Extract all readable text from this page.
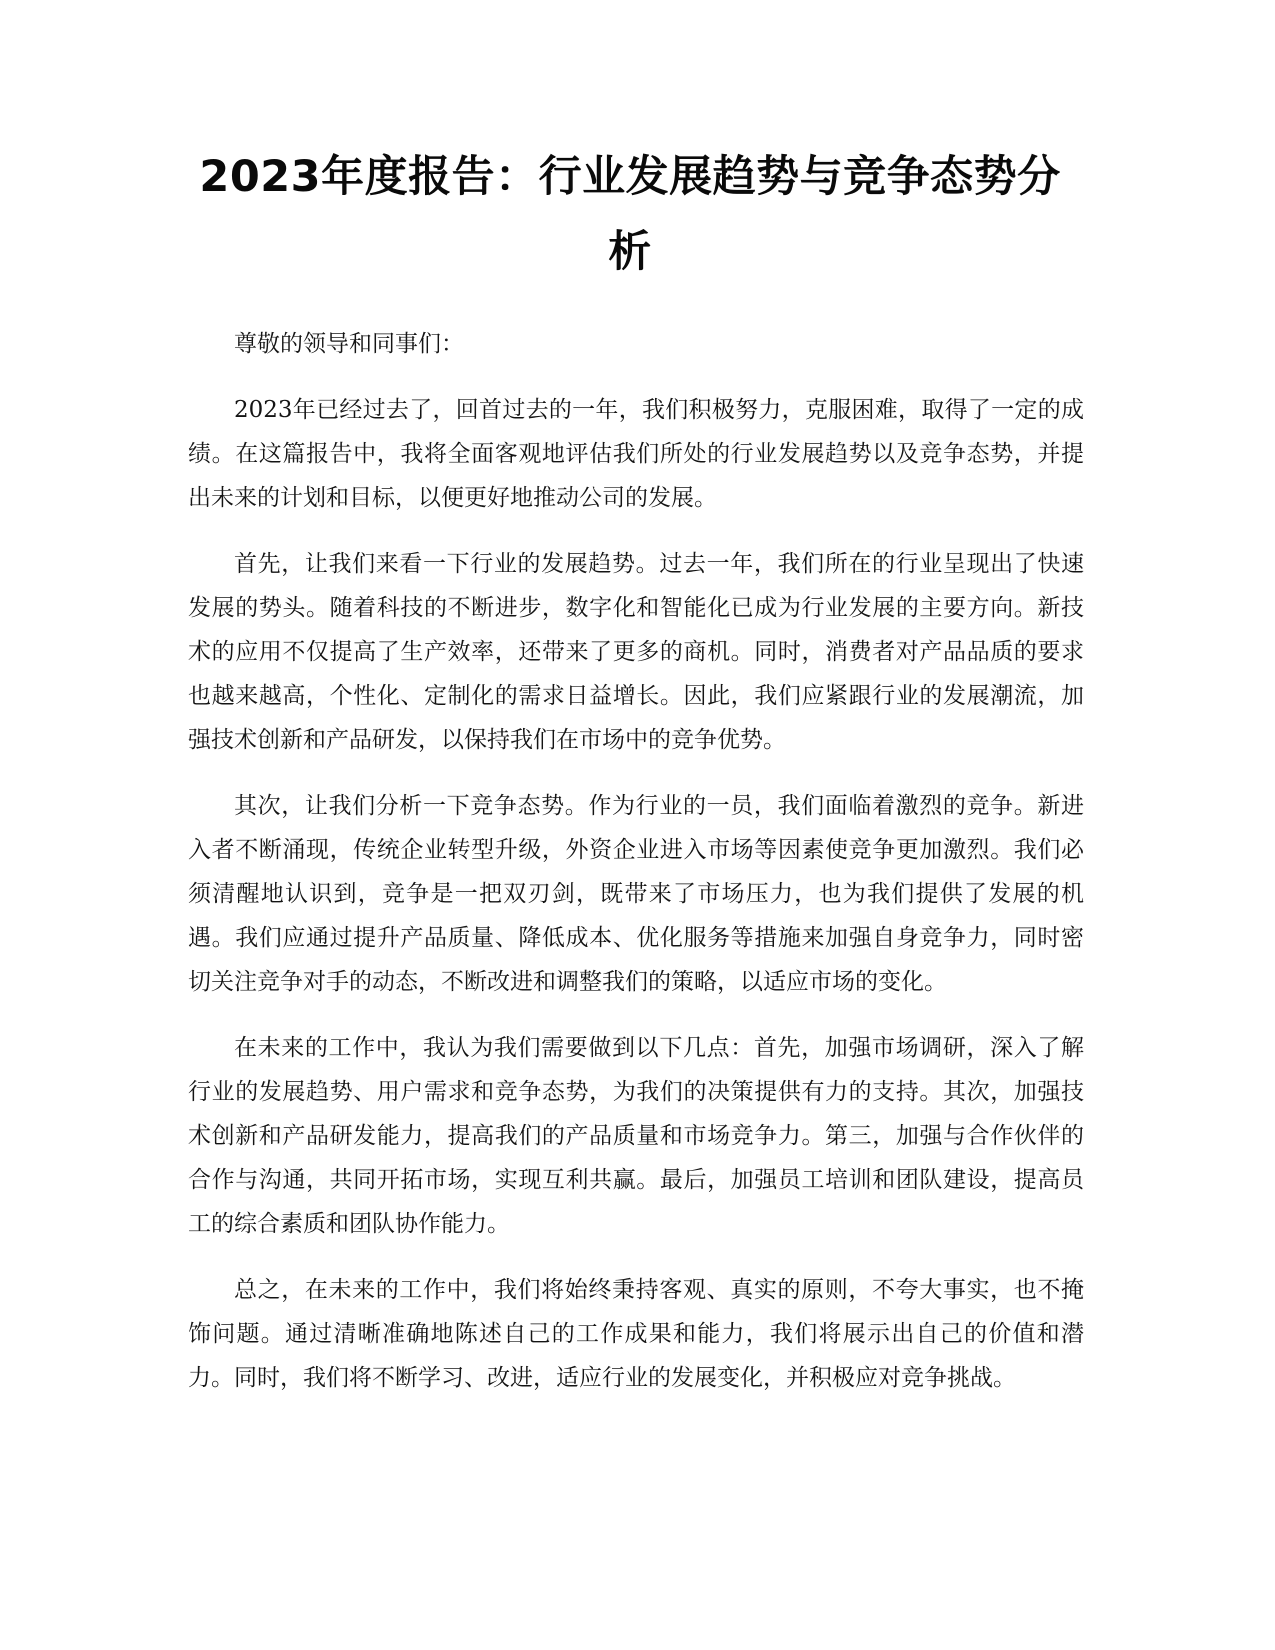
2023年度报告：行业发展趋势与竞争态势分析

尊敬的领导和同事们：

2023年已经过去了，回首过去的一年，我们积极努力，克服困难，取得了一定的成绩。在这篇报告中，我将全面客观地评估我们所处的行业发展趋势以及竞争态势，并提出未来的计划和目标，以便更好地推动公司的发展。

首先，让我们来看一下行业的发展趋势。过去一年，我们所在的行业呈现出了快速发展的势头。随着科技的不断进步，数字化和智能化已成为行业发展的主要方向。新技术的应用不仅提高了生产效率，还带来了更多的商机。同时，消费者对产品品质的要求也越来越高，个性化、定制化的需求日益增长。因此，我们应紧跟行业的发展潮流，加强技术创新和产品研发，以保持我们在市场中的竞争优势。

其次，让我们分析一下竞争态势。作为行业的一员，我们面临着激烈的竞争。新进入者不断涌现，传统企业转型升级，外资企业进入市场等因素使竞争更加激烈。我们必须清醒地认识到，竞争是一把双刃剑，既带来了市场压力，也为我们提供了发展的机遇。我们应通过提升产品质量、降低成本、优化服务等措施来加强自身竞争力，同时密切关注竞争对手的动态，不断改进和调整我们的策略，以适应市场的变化。

在未来的工作中，我认为我们需要做到以下几点：首先，加强市场调研，深入了解行业的发展趋势、用户需求和竞争态势，为我们的决策提供有力的支持。其次，加强技术创新和产品研发能力，提高我们的产品质量和市场竞争力。第三，加强与合作伙伴的合作与沟通，共同开拓市场，实现互利共赢。最后，加强员工培训和团队建设，提高员工的综合素质和团队协作能力。

总之，在未来的工作中，我们将始终秉持客观、真实的原则，不夸大事实，也不掩饰问题。通过清晰准确地陈述自己的工作成果和能力，我们将展示出自己的价值和潜力。同时，我们将不断学习、改进，适应行业的发展变化，并积极应对竞争挑战。
